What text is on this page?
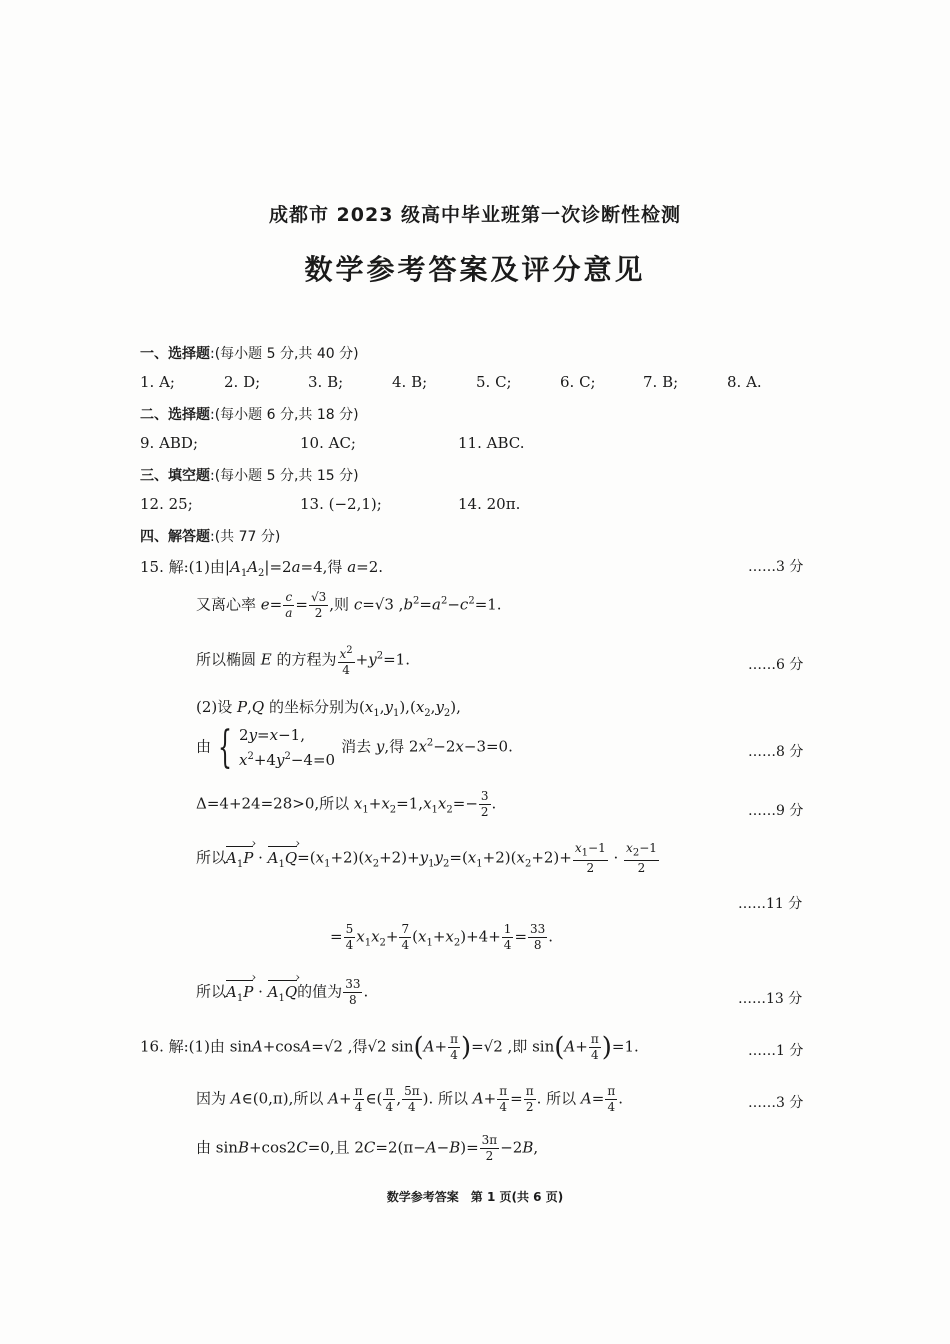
成都市 2023 级高中毕业班第一次诊断性检测
数学参考答案及评分意见
一、选择题:(每小题 5 分,共 40 分)
1. A;	2. D;	3. B;	4. B;	5. C;	6. C;	7. B;	8. A.
二、选择题:(每小题 6 分,共 18 分)
9. ABD;	10. AC;	11. ABC.
三、填空题:(每小题 5 分,共 15 分)
12. 25;	13. (−2,1);	14. 20π.
四、解答题:(共 77 分)
15. 解:(1)由$|A_1A_2|=2a=4$,得 a=2.	……3 分
又离心率 $e= \frac{c}{a} = \frac{√3}{2}$ ,则 c=√3 $,b^2=a^2-c^2=1$.
所以椭圆 E 的方程为 $\frac{x^2}{4} +y^2=1$.	……6 分
(2)设 P,Q 的坐标分别为$(x_1,y_1),(x_2,y_2)$,
由 { 2y=x−1,
$x^2+4y^2-4=0$消去 y,得 $2x^2-2x-3=0$.	……8 分
Δ=4+24=28>0,所以 $x_1+x_2=1,x_1x_2=- \frac{3}{2}$ .	……9 分
所以$A_1P$ › · $A_1Q$ $›=(x_1+2)(x_2+2)+y_1y_2=(x_1+2)(x_2+2)+ \frac{x_1-1}{2} \cdot \frac{x_2-1}{2}$
……11 分
= $\frac{5}{4} x_1x_2+ \frac{7}{4} (x_1+x_2)+4+ \frac{1}{4} = \frac{33}{8}$ .
所以$A_1P$ › · $A_1Q$ ›的值为 $\frac{33}{8}$ .	……13 分
16. 解:(1)由 sinA+cosA=√2 ,得√2 $\sin(A+ \frac{\pi}{4} )=√2$ ,即 $\sin(A+ \frac{\pi}{4} )=1$.	……1 分
因为 A∈(0,π),所以 $A+ \frac{\pi}{4}$ ∈( $\frac{\pi}{4}$ , $\frac{5\pi}{4}$ ). 所以 $A+ \frac{\pi}{4} = \frac{\pi}{2}$ . 所以 $A= \frac{\pi}{4}$ .	……3 分
由 sinB+cos2C=0,且 $2C=2(\pi-A-B)= \frac{3\pi}{2} -2B$,
数学参考答案　第 1 页(共 6 页)
